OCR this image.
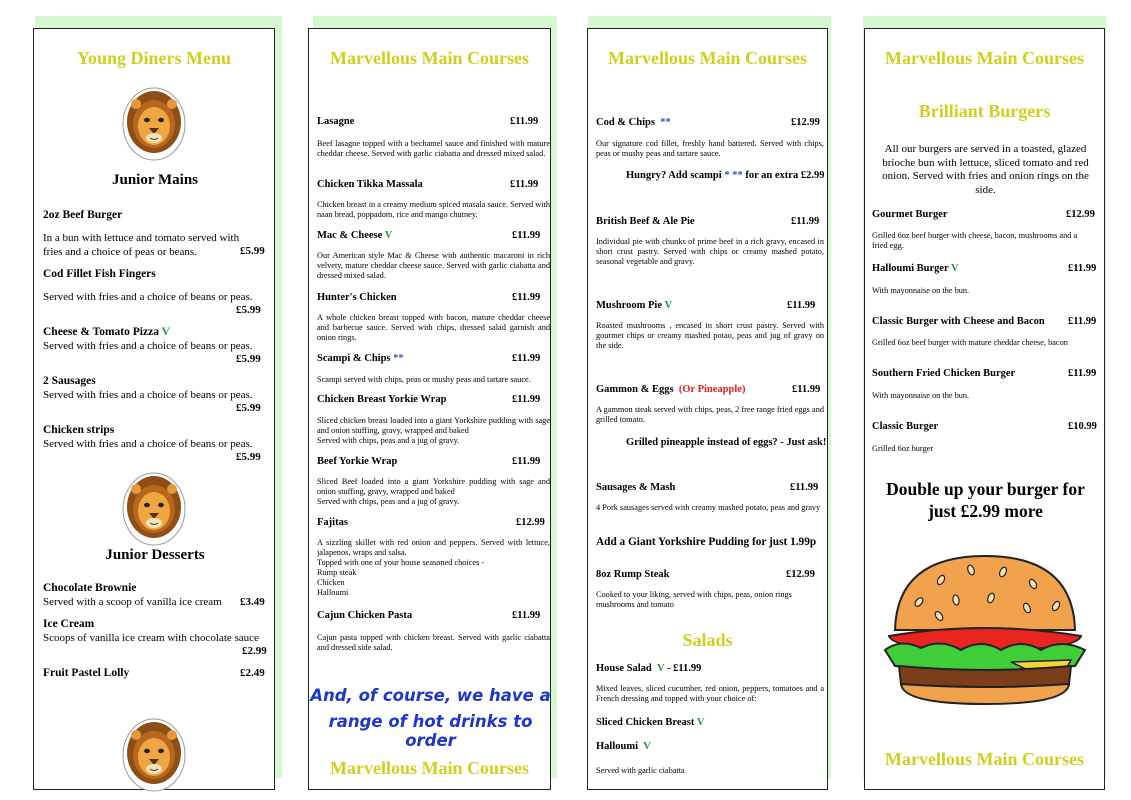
Young Diners Menu
Junior Mains
2oz Beef Burger
In a bun with lettuce and tomato served with fries and a choice of peas or beans.	£5.99
Cod Fillet Fish Fingers
Served with fries and a choice of beans or peas.
£5.99
Cheese & Tomato Pizza V
Served with fries and a choice of beans or peas.
£5.99
2 Sausages
Served with fries and a choice of beans or peas.
£5.99
Chicken strips
Served with fries and a choice of beans or peas.
£5.99
Junior Desserts
Chocolate Brownie
Served with a scoop of vanilla ice cream £3.49
Ice Cream
Scoops of vanilla ice cream with chocolate sauce
£2.99
Fruit Pastel Lolly	£2.49
Marvellous Main Courses
Lasagne	£11.99
Beef lasagne topped with a bechamel sauce and finished with mature cheddar cheese. Served with garlic ciabatta and dressed mixed salad.
Chicken Tikka Massala	£11.99
Chicken breast in a creamy medium spiced masala sauce. Served with naan bread, poppadom, rice and mango chutney.
Mac & Cheese V	£11.99
Our American style Mac & Cheese with authentic macaroni in rich velvety, mature cheddar cheese sauce. Served with garlic ciabatta and dressed mixed salad.
Hunter's Chicken	£11.99
A whole chicken breast topped with bacon, mature cheddar cheese and barbecue sauce. Served with chips, dressed salad garnish and onion rings.
Scampi & Chips **	£11.99
Scampi served with chips, peas or mushy peas and tartare sauce.
Chicken Breast Yorkie Wrap	£11.99
Sliced chicken breast loaded into a giant Yorkshire pudding with sage and onion stuffing, gravy, wrapped and baked
Served with chips, peas and a jug of gravy.
Beef Yorkie Wrap	£11.99
Sliced Beef loaded into a giant Yorkshire pudding with sage and onion stuffing, gravy, wrapped and baked
Served with chips, peas and a jug of gravy.
Fajitas	£12.99
A sizzling skillet with red onion and peppers. Served with lettuce, jalapenos, wraps and salsa.
Topped with one of your house seasoned choices -
Rump steak
Chicken
Halloumi
Cajun Chicken Pasta	£11.99
Cajun pasta topped with chicken breast. Served with garlic ciabatta and dressed side salad.
And, of course, we have a
range of hot drinks to order
Marvellous Main Courses
Marvellous Main Courses
Cod & Chips **	£12.99
Our signature cod fillet, freshly hand battered. Served with chips, peas or mushy peas and tartare sauce.
Hungry? Add scampi * ** for an extra £2.99
British Beef & Ale Pie	£11.99
Individual pie with chunks of prime beef in a rich gravy, encased in short crust pastry. Served with chips or creamy mashed potato, seasonal vegetable and gravy.
Mushroom Pie V	£11.99
Roasted mushrooms , encased in short crust pastry. Served with gourmet chips or creamy mashed potao, peas and jug of gravy on the side.
Gammon & Eggs (Or Pineapple)	£11.99
A gammon steak served with chips, peas, 2 free range fried eggs and grilled tomato.
Grilled pineapple instead of eggs? - Just ask!
Sausages & Mash	£11.99
4 Pork sausages served with creamy mashed potato, peas and gravy
Add a Giant Yorkshire Pudding for just 1.99p
8oz Rump Steak	£12.99
Cooked to your liking, served with chips, peas, onion rings mushrooms and tomato
Salads
House Salad V - £11.99
Mixed leaves, sliced cucumber, red onion, peppers, tomatoes and a French dressing and topped with your choice of:
Sliced Chicken Breast V
Halloumi V
Served with garlic ciabatta
Marvellous Main Courses
Brilliant Burgers
All our burgers are served in a toasted, glazed brioche bun with lettuce, sliced tomato and red onion. Served with fries and onion rings on the side.
Gourmet Burger	£12.99
Grilled 6oz beef burger with cheese, bacon, mushrooms and a fried egg.
Halloumi Burger V	£11.99
With mayonnaise on the bun.
Classic Burger with Cheese and Bacon £11.99
Grilled 6oz beef burger with mature cheddar cheese, bacon
Southern Fried Chicken Burger	£11.99
With mayonnaise on the bun.
Classic Burger	£10.99
Grilled 6oz burger
Double up your burger for just £2.99 more
Marvellous Main Courses
